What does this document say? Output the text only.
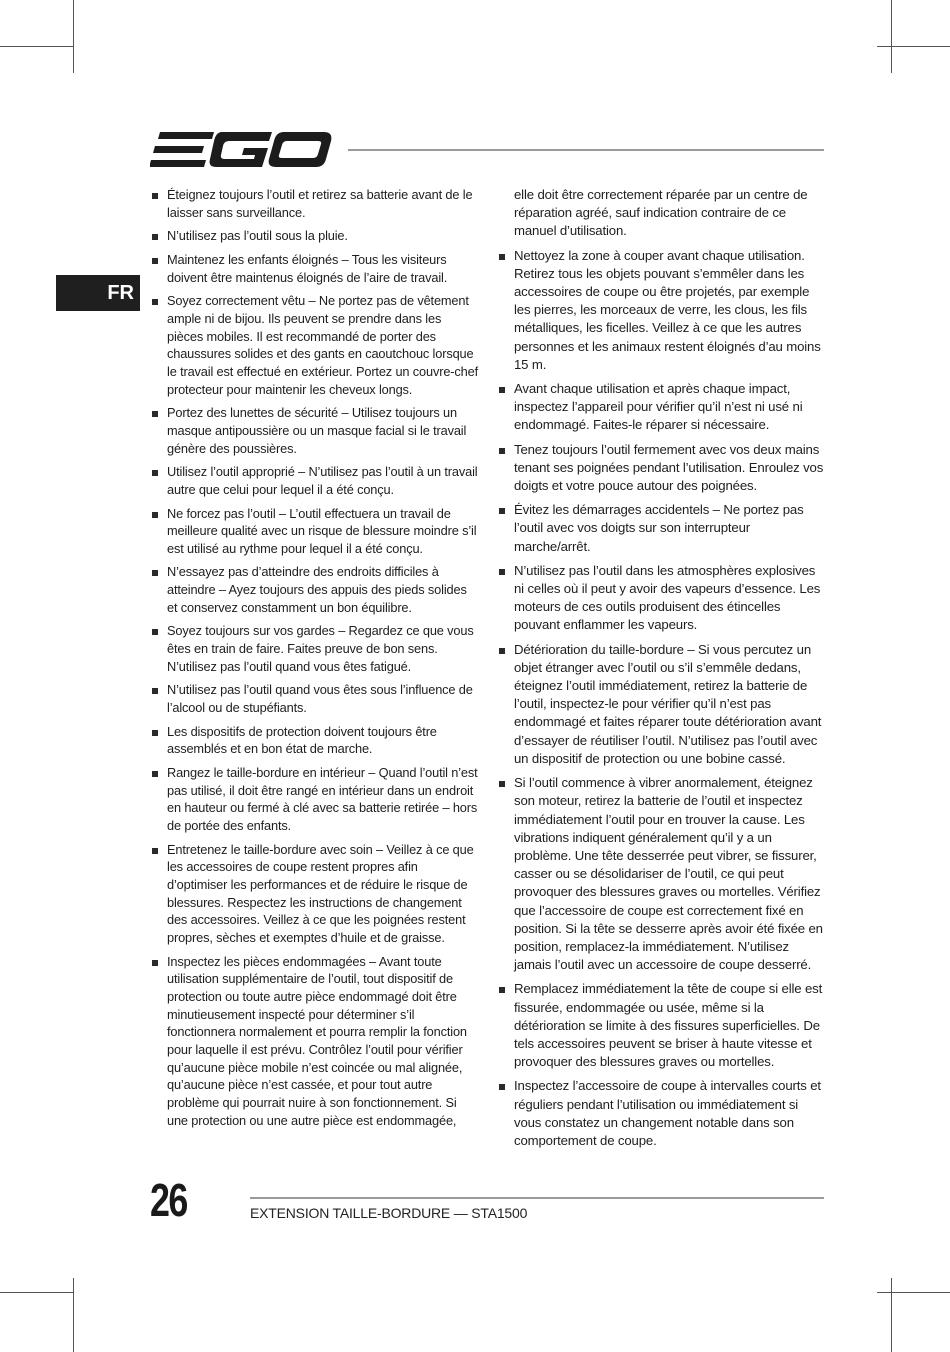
FR
Éteignez toujours l’outil et retirez sa batterie avant de le laisser sans surveillance.
N’utilisez pas l’outil sous la pluie.
Maintenez les enfants éloignés – Tous les visiteurs doivent être maintenus éloignés de l’aire de travail.
Soyez correctement vêtu – Ne portez pas de vêtement ample ni de bijou. Ils peuvent se prendre dans les pièces mobiles. Il est recommandé de porter des chaussures solides et des gants en caoutchouc lorsque le travail est effectué en extérieur. Portez un couvre-chef protecteur pour maintenir les cheveux longs.
Portez des lunettes de sécurité – Utilisez toujours un masque antipoussière ou un masque facial si le travail génère des poussières.
Utilisez l’outil approprié – N’utilisez pas l’outil à un travail autre que celui pour lequel il a été conçu.
Ne forcez pas l’outil – L’outil effectuera un travail de meilleure qualité avec un risque de blessure moindre s’il est utilisé au rythme pour lequel il a été conçu.
N’essayez pas d’atteindre des endroits difficiles à atteindre – Ayez toujours des appuis des pieds solides et conservez constamment un bon équilibre.
Soyez toujours sur vos gardes – Regardez ce que vous êtes en train de faire. Faites preuve de bon sens. N’utilisez pas l’outil quand vous êtes fatigué.
N’utilisez pas l’outil quand vous êtes sous l’influence de l’alcool ou de stupéfiants.
Les dispositifs de protection doivent toujours être assemblés et en bon état de marche.
Rangez le taille-bordure en intérieur – Quand l’outil n’est pas utilisé, il doit être rangé en intérieur dans un endroit en hauteur ou fermé à clé avec sa batterie retirée – hors de portée des enfants.
Entretenez le taille-bordure avec soin – Veillez à ce que les accessoires de coupe restent propres afin d’optimiser les performances et de réduire le risque de blessures. Respectez les instructions de changement des accessoires. Veillez à ce que les poignées restent propres, sèches et exemptes d’huile et de graisse.
Inspectez les pièces endommagées – Avant toute utilisation supplémentaire de l’outil, tout dispositif de protection ou toute autre pièce endommagé doit être minutieusement inspecté pour déterminer s’il fonctionnera normalement et pourra remplir la fonction pour laquelle il est prévu. Contrôlez l’outil pour vérifier qu’aucune pièce mobile n’est coincée ou mal alignée, qu’aucune pièce n’est cassée, et pour tout autre problème qui pourrait nuire à son fonctionnement. Si une protection ou une autre pièce est endommagée,
elle doit être correctement réparée par un centre de réparation agréé, sauf indication contraire de ce manuel d’utilisation.
Nettoyez la zone à couper avant chaque utilisation. Retirez tous les objets pouvant s’emmêler dans les accessoires de coupe ou être projetés, par exemple les pierres, les morceaux de verre, les clous, les fils métalliques, les ficelles. Veillez à ce que les autres personnes et les animaux restent éloignés d’au moins 15 m.
Avant chaque utilisation et après chaque impact, inspectez l’appareil pour vérifier qu’il n’est ni usé ni endommagé. Faites-le réparer si nécessaire.
Tenez toujours l’outil fermement avec vos deux mains tenant ses poignées pendant l’utilisation. Enroulez vos doigts et votre pouce autour des poignées.
Évitez les démarrages accidentels – Ne portez pas l’outil avec vos doigts sur son interrupteur marche/arrêt.
N’utilisez pas l’outil dans les atmosphères explosives ni celles où il peut y avoir des vapeurs d’essence. Les moteurs de ces outils produisent des étincelles pouvant enflammer les vapeurs.
Détérioration du taille-bordure – Si vous percutez un objet étranger avec l’outil ou s’il s’emmêle dedans, éteignez l’outil immédiatement, retirez la batterie de l’outil, inspectez-le pour vérifier qu’il n’est pas endommagé et faites réparer toute détérioration avant d’essayer de réutiliser l’outil. N’utilisez pas l’outil avec un dispositif de protection ou une bobine cassé.
Si l’outil commence à vibrer anormalement, éteignez son moteur, retirez la batterie de l’outil et inspectez immédiatement l’outil pour en trouver la cause. Les vibrations indiquent généralement qu’il y a un problème. Une tête desserrée peut vibrer, se fissurer, casser ou se désolidariser de l’outil, ce qui peut provoquer des blessures graves ou mortelles. Vérifiez que l’accessoire de coupe est correctement fixé en position. Si la tête se desserre après avoir été fixée en position, remplacez-la immédiatement. N’utilisez jamais l’outil avec un accessoire de coupe desserré.
Remplacez immédiatement la tête de coupe si elle est fissurée, endommagée ou usée, même si la détérioration se limite à des fissures superficielles. De tels accessoires peuvent se briser à haute vitesse et provoquer des blessures graves ou mortelles.
Inspectez l’accessoire de coupe à intervalles courts et réguliers pendant l’utilisation ou immédiatement si vous constatez un changement notable dans son comportement de coupe.
26	EXTENSION TAILLE-BORDURE — STA1500
